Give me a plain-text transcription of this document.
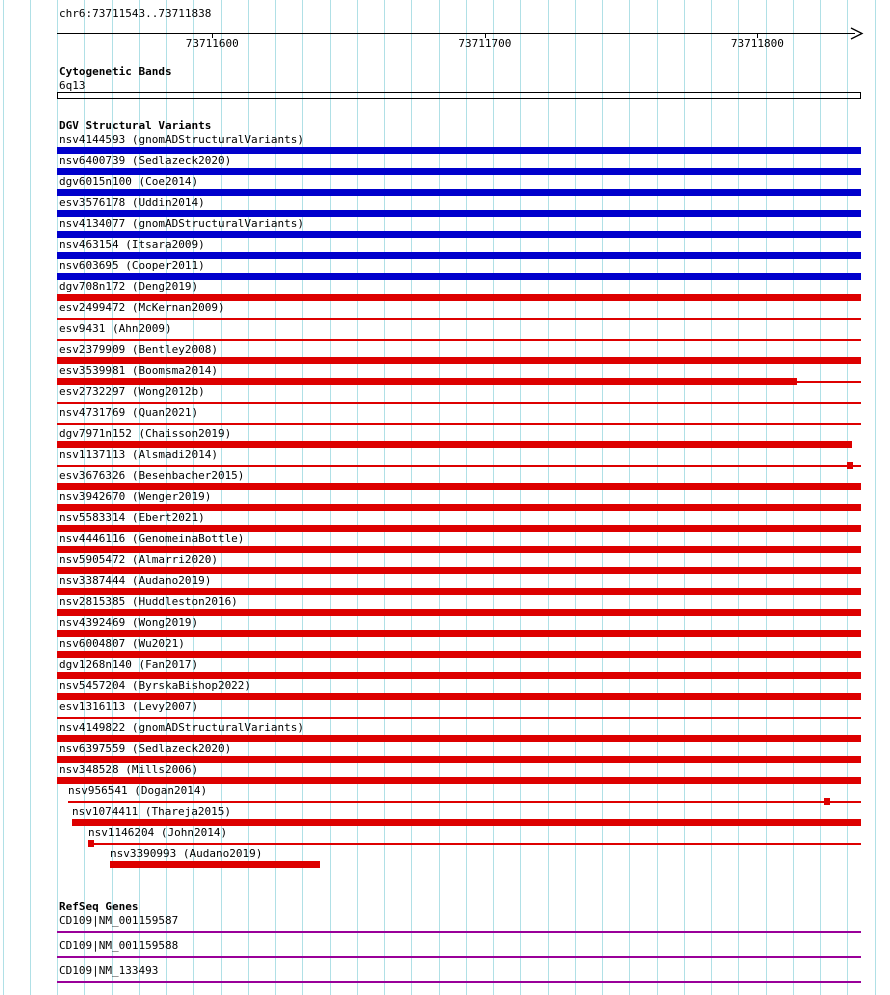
chr6:73711543..73711838
73711600	73711700	73711800
Cytogenetic Bands
6q13
DGV Structural Variants
nsv4144593 (gnomADStructuralVariants)
nsv6400739 (Sedlazeck2020)
dgv6015n100 (Coe2014)
esv3576178 (Uddin2014)
nsv4134077 (gnomADStructuralVariants)
nsv463154 (Itsara2009)
nsv603695 (Cooper2011)
dgv708n172 (Deng2019)
esv2499472 (McKernan2009)
esv9431 (Ahn2009)
esv2379909 (Bentley2008)
esv3539981 (Boomsma2014)
esv2732297 (Wong2012b)
nsv4731769 (Quan2021)
dgv7971n152 (Chaisson2019)
nsv1137113 (Alsmadi2014)
esv3676326 (Besenbacher2015)
nsv3942670 (Wenger2019)
nsv5583314 (Ebert2021)
nsv4446116 (GenomeinaBottle)
nsv5905472 (Almarri2020)
nsv3387444 (Audano2019)
nsv2815385 (Huddleston2016)
nsv4392469 (Wong2019)
nsv6004807 (Wu2021)
dgv1268n140 (Fan2017)
nsv5457204 (ByrskaBishop2022)
esv1316113 (Levy2007)
nsv4149822 (gnomADStructuralVariants)
nsv6397559 (Sedlazeck2020)
nsv348528 (Mills2006)
nsv956541 (Dogan2014)
nsv1074411 (Thareja2015)
nsv1146204 (John2014)
nsv3390993 (Audano2019)
RefSeq Genes
CD109|NM_001159587
CD109|NM_001159588
CD109|NM_133493
